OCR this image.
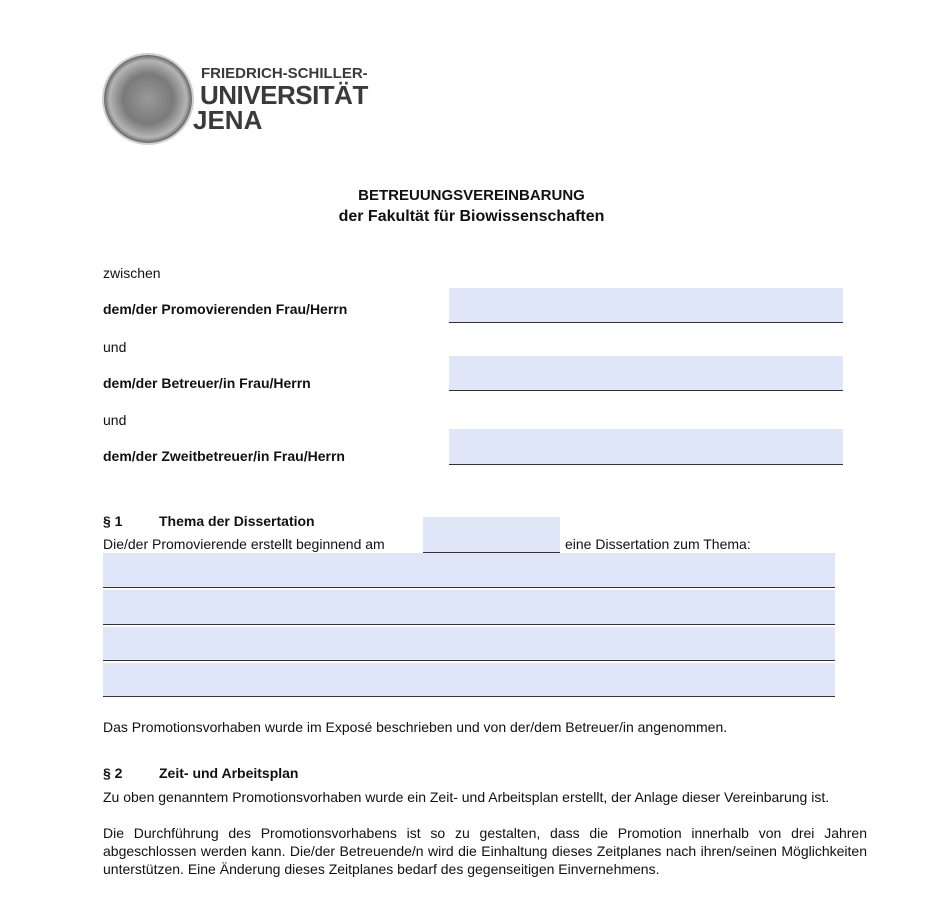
FRIEDRICH-SCHILLER-
UNIVERSITÄT
JENA
BETREUUNGSVEREINBARUNG
der Fakultät für Biowissenschaften
zwischen
dem/der Promovierenden Frau/Herrn
und
dem/der Betreuer/in Frau/Herrn
und
dem/der Zweitbetreuer/in Frau/Herrn
§ 1	Thema der Dissertation
Die/der Promovierende erstellt beginnend am	eine Dissertation zum Thema:
Das Promotionsvorhaben wurde im Exposé beschrieben und von der/dem Betreuer/in angenommen.
§ 2	Zeit- und Arbeitsplan
Zu oben genanntem Promotionsvorhaben wurde ein Zeit- und Arbeitsplan erstellt, der Anlage dieser Vereinbarung ist.
Die Durchführung des Promotionsvorhabens ist so zu gestalten, dass die Promotion innerhalb von drei Jahren abgeschlossen werden kann. Die/der Betreuende/n wird die Einhaltung dieses Zeitplanes nach ihren/seinen Möglichkeiten unterstützen. Eine Änderung dieses Zeitplanes bedarf des gegenseitigen Einvernehmens.
